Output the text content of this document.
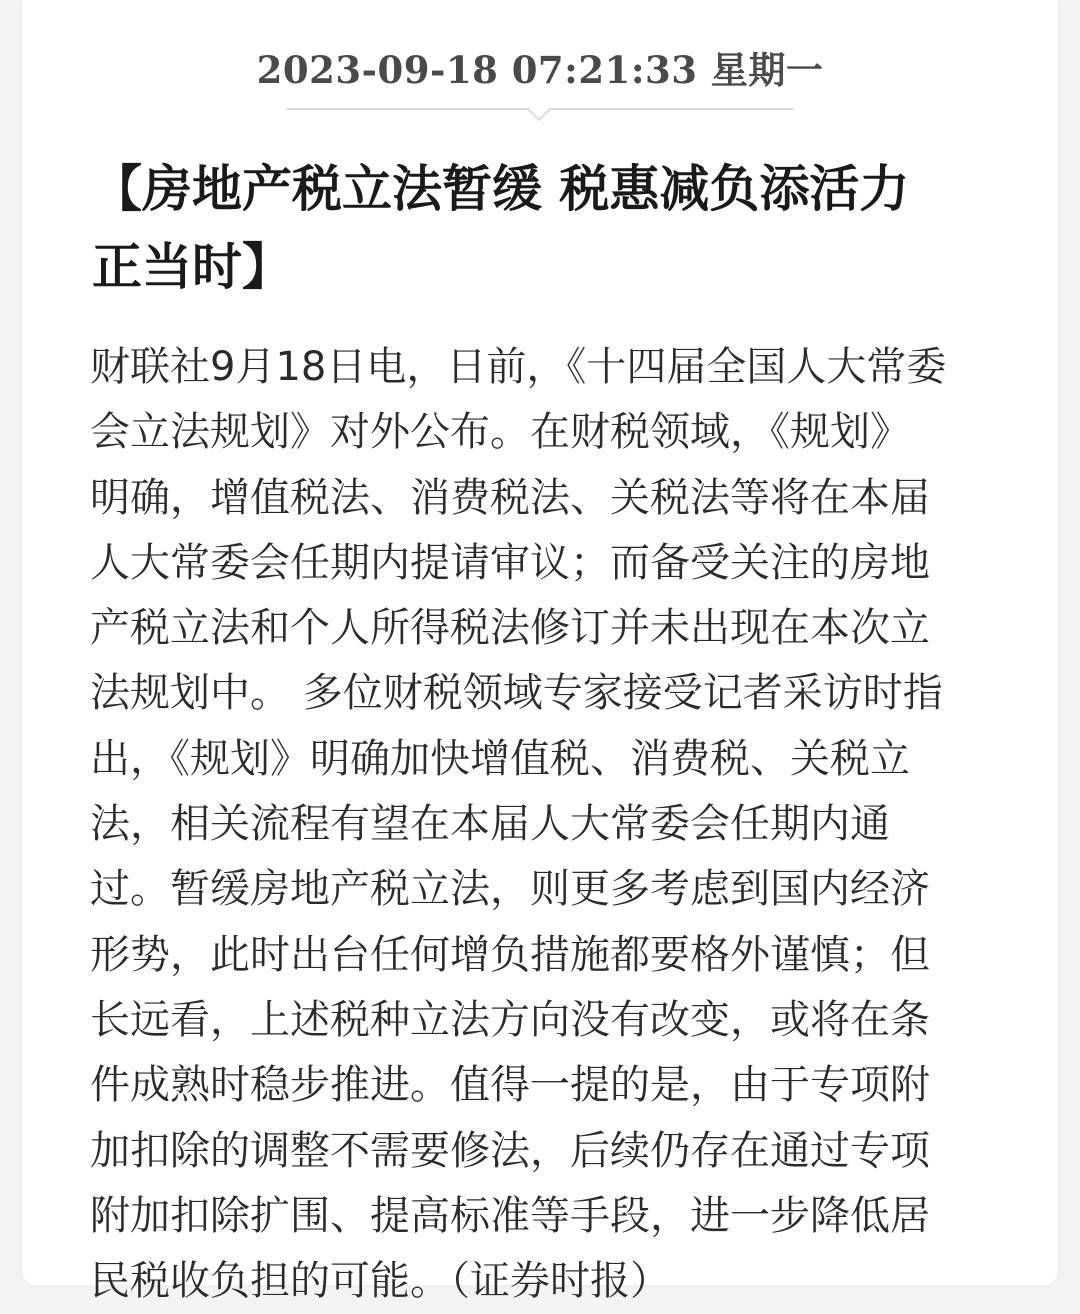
2023-09-18 07:21:33 星期一
【房地产税立法暂缓 税惠减负添活力
正当时】
财联社9月18日电，日前，《十四届全国人大常委
会立法规划》对外公布。在财税领域，《规划》
明确，增值税法、消费税法、关税法等将在本届
人大常委会任期内提请审议；而备受关注的房地
产税立法和个人所得税法修订并未出现在本次立
法规划中。 多位财税领域专家接受记者采访时指
出，《规划》明确加快增值税、消费税、关税立
法，相关流程有望在本届人大常委会任期内通
过。暂缓房地产税立法，则更多考虑到国内经济
形势，此时出台任何增负措施都要格外谨慎；但
长远看，上述税种立法方向没有改变，或将在条
件成熟时稳步推进。值得一提的是，由于专项附
加扣除的调整不需要修法，后续仍存在通过专项
附加扣除扩围、提高标准等手段，进一步降低居
民税收负担的可能。（证券时报）
